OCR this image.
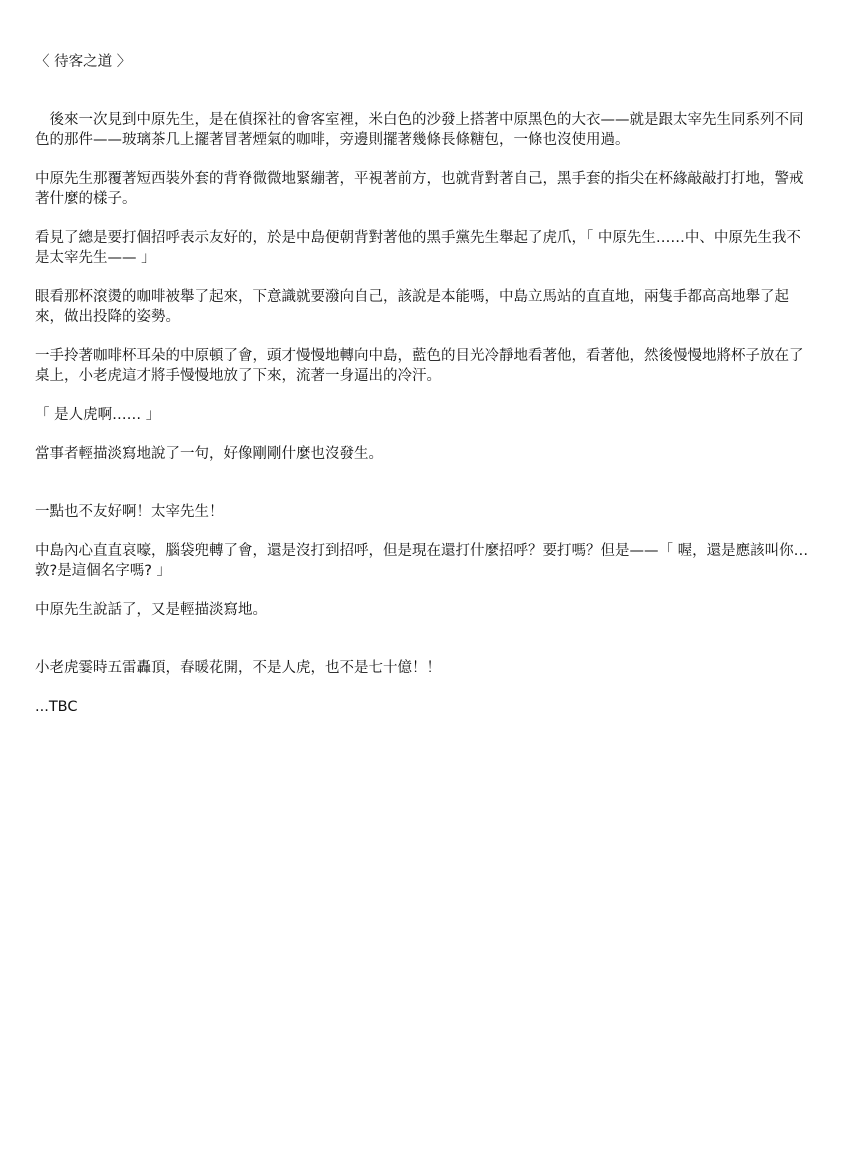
〈 待客之道 〉

　後來一次見到中原先生，是在偵探社的會客室裡，米白色的沙發上搭著中原黑色的大衣——就是跟太宰先生同系列不同色的那件——玻璃茶几上擺著冒著煙氣的咖啡，旁邊則擺著幾條長條糖包，一條也沒使用過。

中原先生那覆著短西裝外套的背脊微微地緊繃著，平視著前方，也就背對著自己，黑手套的指尖在杯緣敲敲打打地，警戒著什麼的樣子。

看見了總是要打個招呼表示友好的，於是中島便朝背對著他的黑手黨先生舉起了虎爪，「 中原先生……中、中原先生我不是太宰先生—— 」

眼看那杯滾燙的咖啡被舉了起來，下意識就要潑向自己，該說是本能嗎，中島立馬站的直直地，兩隻手都高高地舉了起來，做出投降的姿勢。

一手拎著咖啡杯耳朵的中原頓了會，頭才慢慢地轉向中島，藍色的目光冷靜地看著他，看著他，然後慢慢地將杯子放在了桌上，小老虎這才將手慢慢地放了下來，流著一身逼出的冷汗。

「 是人虎啊…… 」

當事者輕描淡寫地說了一句，好像剛剛什麼也沒發生。

一點也不友好啊！太宰先生！

中島內心直直哀嚎，腦袋兜轉了會，還是沒打到招呼，但是現在還打什麼招呼？要打嗎？但是——「 喔，還是應該叫你…敦?是這個名字嗎? 」

中原先生說話了，又是輕描淡寫地。

小老虎霎時五雷轟頂，春暖花開，不是人虎，也不是七十億！！

...TBC
